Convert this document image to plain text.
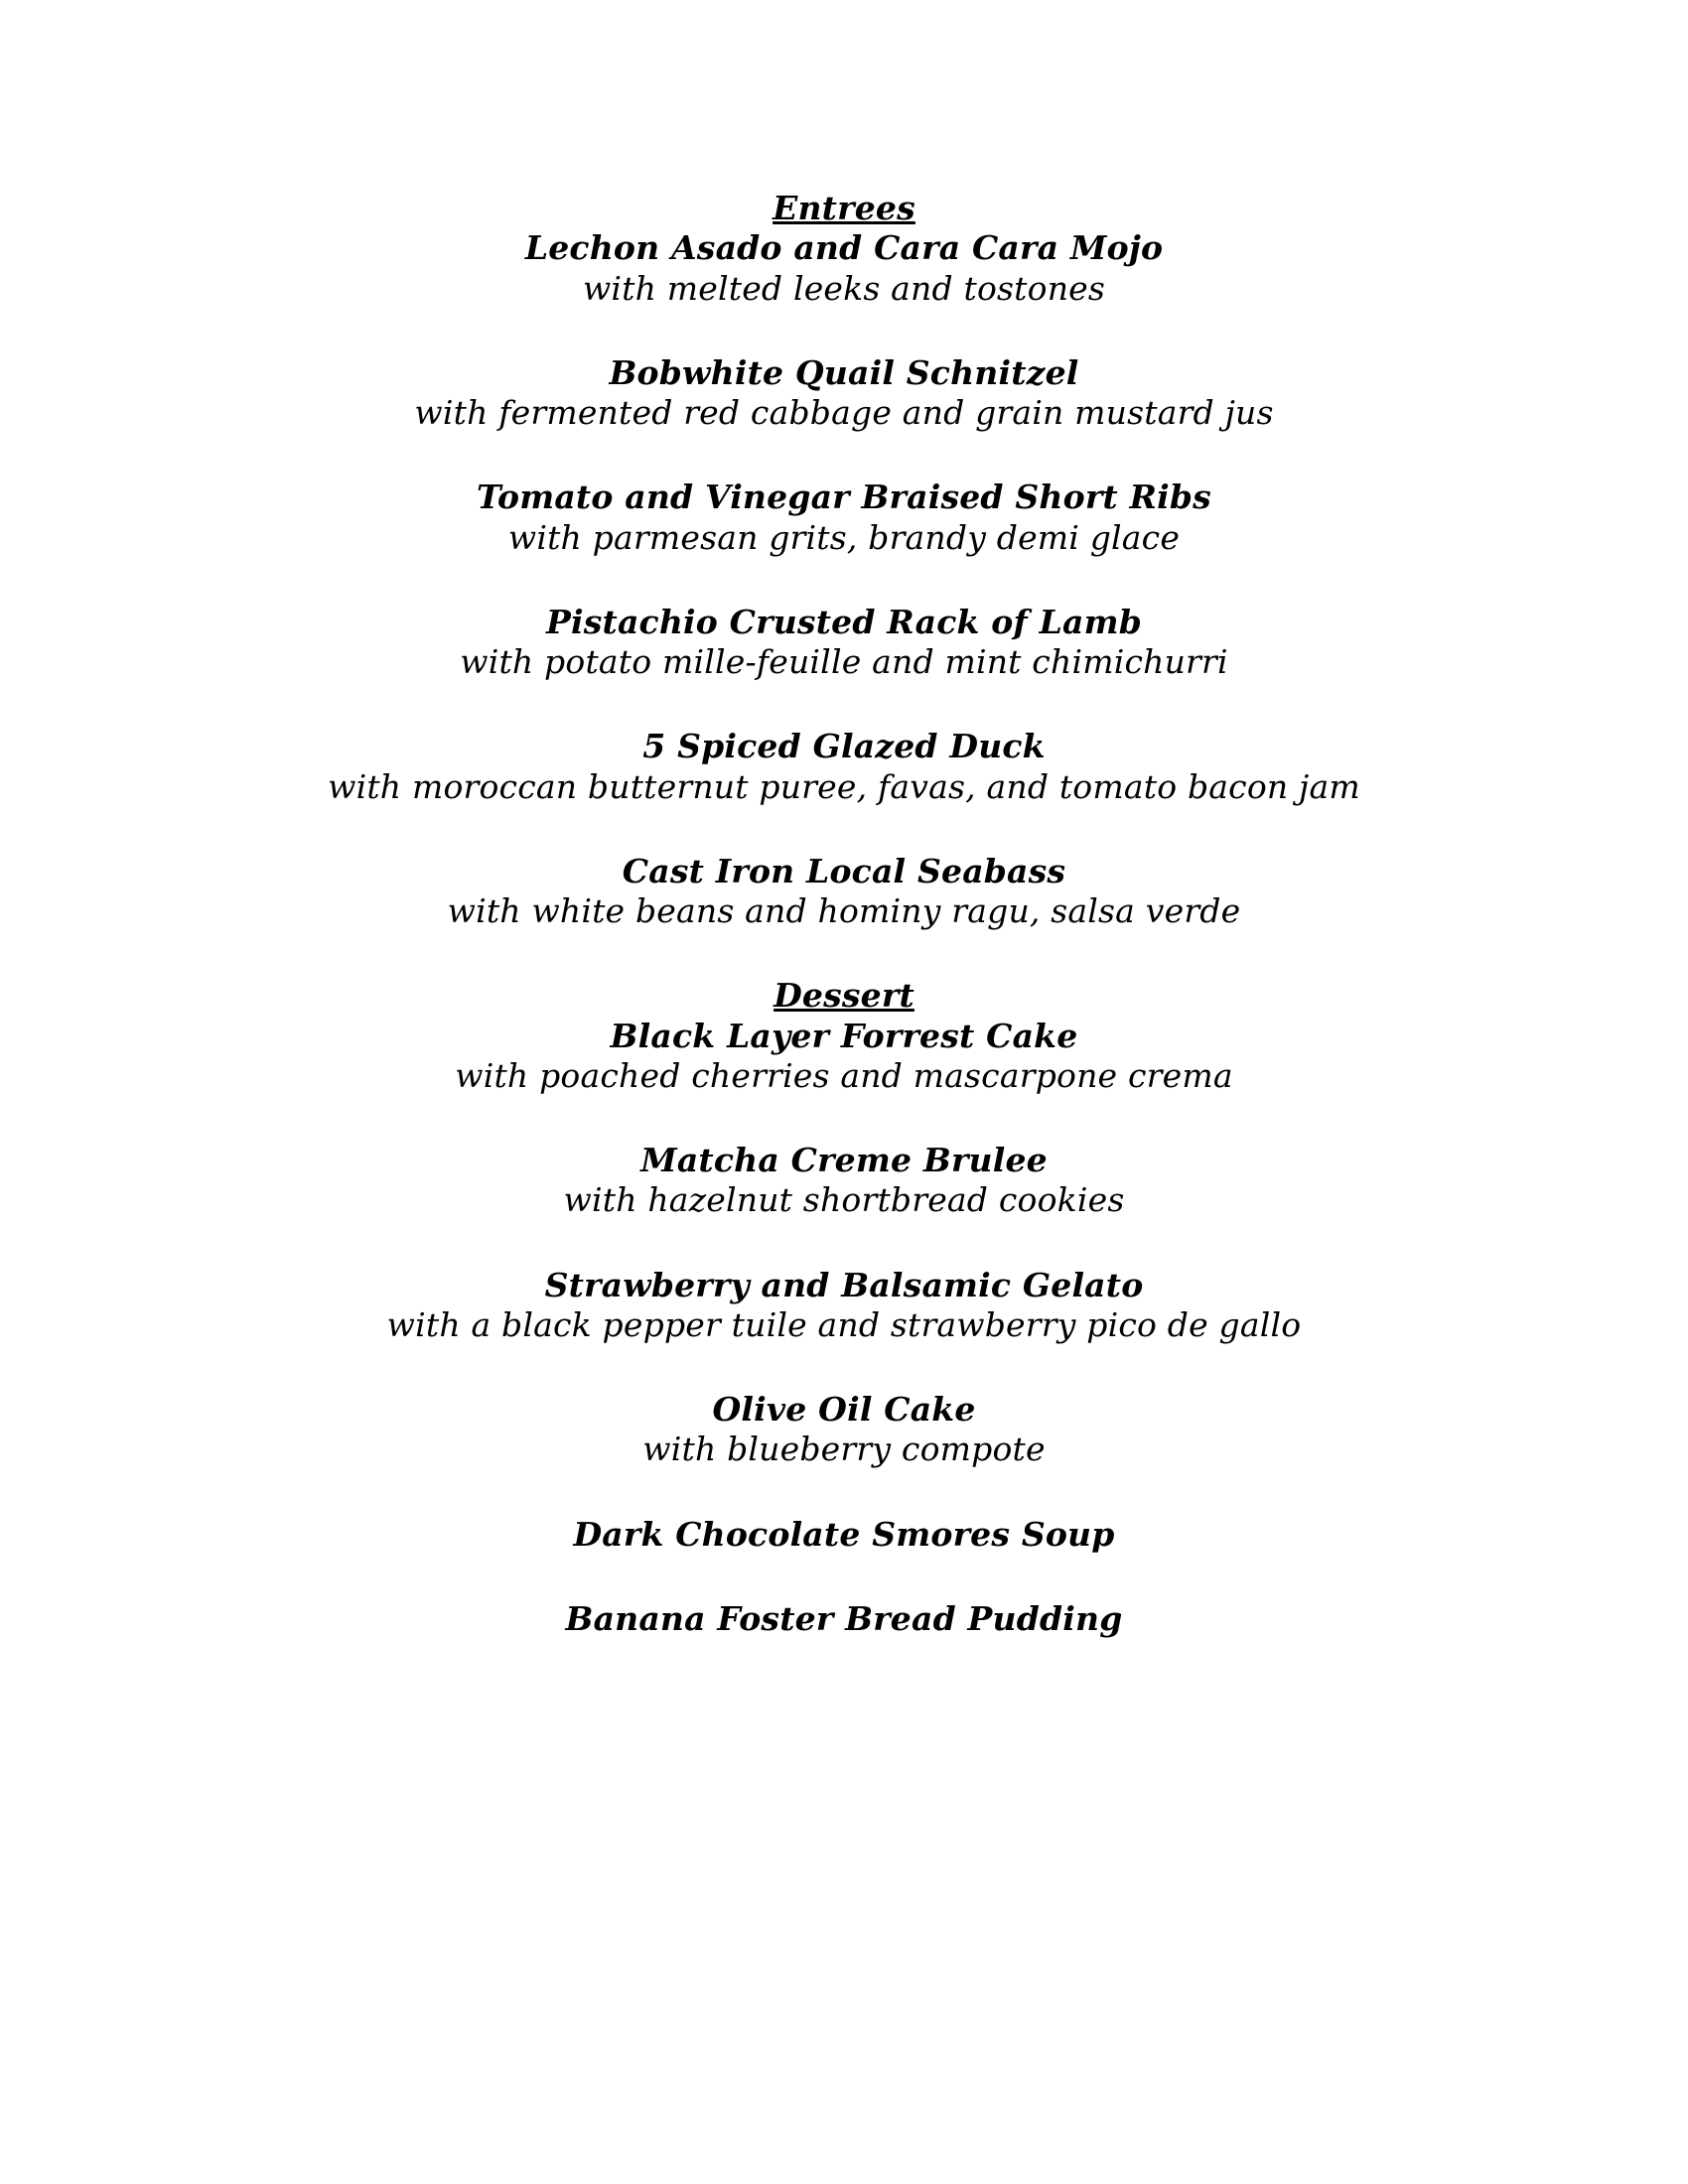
Entrees
Lechon Asado and Cara Cara Mojo
with melted leeks and tostones
Bobwhite Quail Schnitzel
with fermented red cabbage and grain mustard jus
Tomato and Vinegar Braised Short Ribs
with parmesan grits, brandy demi glace
Pistachio Crusted Rack of Lamb
with potato mille-feuille and mint chimichurri
5 Spiced Glazed Duck
with moroccan butternut puree, favas, and tomato bacon jam
Cast Iron Local Seabass
with white beans and hominy ragu, salsa verde
Dessert
Black Layer Forrest Cake
with poached cherries and mascarpone crema
Matcha Creme Brulee
with hazelnut shortbread cookies
Strawberry and Balsamic Gelato
with a black pepper tuile and strawberry pico de gallo
Olive Oil Cake
with blueberry compote
Dark Chocolate Smores Soup
Banana Foster Bread Pudding
